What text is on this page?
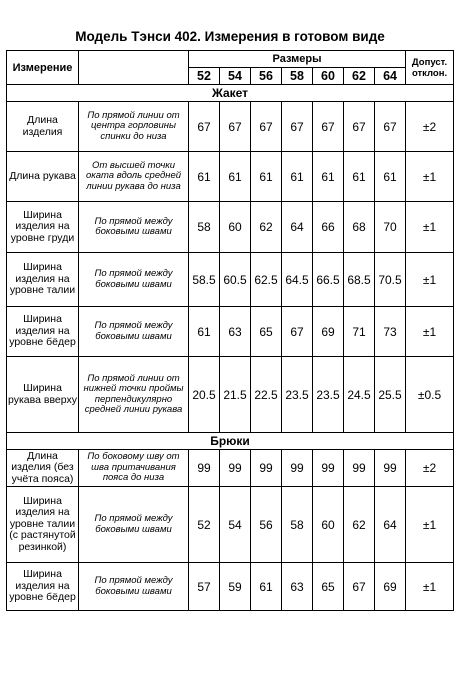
Модель Тэнси 402. Измерения в готовом виде
Измерение		Размеры							Допуст. отклон.
		52	54	56	58	60	62	64	
Жакет									
Длина изделия	По прямой линии от центра горловины спинки до низа	67	67	67	67	67	67	67	±2
Длина рукава	От высшей точки оката вдоль средней линии рукава до низа	61	61	61	61	61	61	61	±1
Ширина изделия на уровне груди	По прямой между боковыми швами	58	60	62	64	66	68	70	±1
Ширина изделия на уровне талии	По прямой между боковыми швами	58.5	60.5	62.5	64.5	66.5	68.5	70.5	±1
Ширина изделия на уровне бёдер	По прямой между боковыми швами	61	63	65	67	69	71	73	±1
Ширина рукава вверху	По прямой линии от нижней точки проймы перпендикулярно средней линии рукава	20.5	21.5	22.5	23.5	23.5	24.5	25.5	±0.5
Брюки									
Длина изделия (без учёта пояса)	По боковому шву от шва притачивания пояса до низа	99	99	99	99	99	99	99	±2
Ширина изделия на уровне талии (с растянутой резинкой)	По прямой между боковыми швами	52	54	56	58	60	62	64	±1
Ширина изделия на уровне бёдер	По прямой между боковыми швами	57	59	61	63	65	67	69	±1
